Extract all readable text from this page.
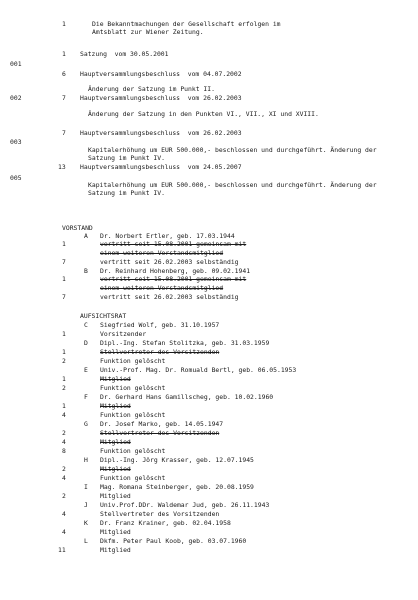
1	Die Bekanntmachungen der Gesellschaft erfolgen im
Amtsblatt zur Wiener Zeitung.
1 Satzung  vom 30.05.2001
001
6 Hauptversammlungsbeschluss  vom 04.07.2002
Änderung der Satzung im Punkt II.
002	7 Hauptversammlungsbeschluss  vom 26.02.2003
Änderung der Satzung in den Punkten VI., VII., XI und XVIII.
003
7 Hauptversammlungsbeschluss  vom 26.02.2003
Kapitalerhöhung um EUR 500.000,- beschlossen und durchgeführt. Änderung der Satzung im Punkt IV.
005
13 Hauptversammlungsbeschluss  vom 24.05.2007
Kapitalerhöhung um EUR 500.000,- beschlossen und durchgeführt. Änderung der Satzung im Punkt IV.
VORSTAND
A Dr. Norbert Ertler, geb. 17.03.1944
1	vertritt seit 15.08.2001 gemeinsam mit
einem weiteren Vorstandsmitglied
7	vertritt seit 26.02.2003 selbständig
B Dr. Reinhard Hohenberg, geb. 09.02.1941
1	vertritt seit 15.08.2001 gemeinsam mit
einem weiteren Vorstandsmitglied
7	vertritt seit 26.02.2003 selbständig
AUFSICHTSRAT
C Siegfried Wolf, geb. 31.10.1957
1	Vorsitzender
D Dipl.-Ing. Stefan Stolitzka, geb. 31.03.1959
1	Stellvertreter des Vorsitzenden
2	Funktion gelöscht
E Univ.-Prof. Mag. Dr. Romuald Bertl, geb. 06.05.1953
1	Mitglied
2	Funktion gelöscht
F Dr. Gerhard Hans Gamillscheg, geb. 10.02.1960
1	Mitglied
4	Funktion gelöscht
G Dr. Josef Marko, geb. 14.05.1947
2	Stellvertreter des Vorsitzenden
4	Mitglied
8	Funktion gelöscht
H Dipl.-Ing. Jörg Krasser, geb. 12.07.1945
2	Mitglied
4	Funktion gelöscht
I Mag. Romana Steinberger, geb. 20.08.1959
2	Mitglied
J Univ.Prof.DDr. Waldemar Jud, geb. 26.11.1943
4	Stellvertreter des Vorsitzenden
K Dr. Franz Krainer, geb. 02.04.1958
4	Mitglied
L Dkfm. Peter Paul Koob, geb. 03.07.1960
11	Mitglied
